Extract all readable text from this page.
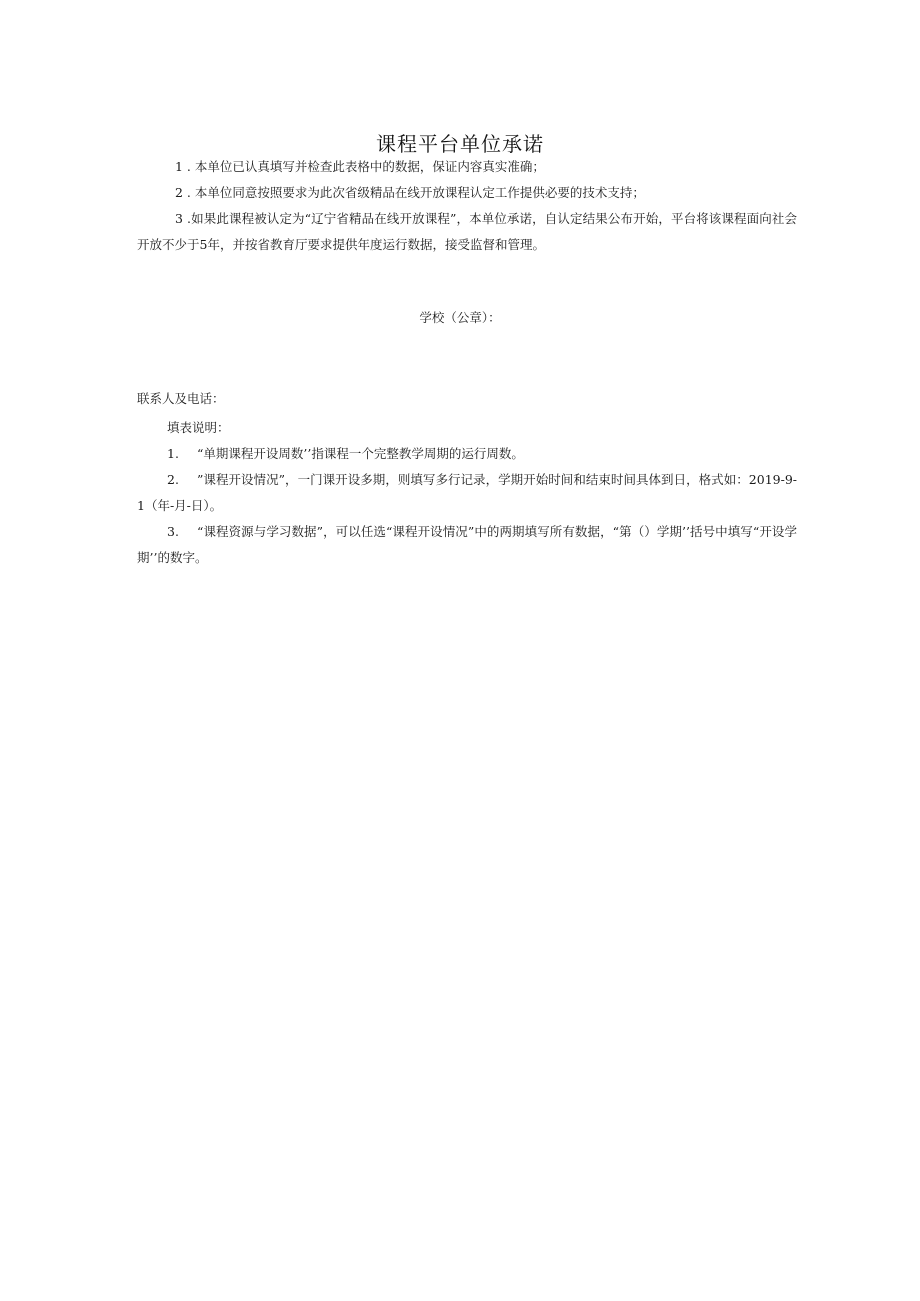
课程平台单位承诺

1 . 本单位已认真填写并检查此表格中的数据，保证内容真实准确；

2 . 本单位同意按照要求为此次省级精品在线开放课程认定工作提供必要的技术支持；

3 .如果此课程被认定为“辽宁省精品在线开放课程”，本单位承诺，自认定结果公布开始，平台将该课程面向社会开放不少于5年，并按省教育厅要求提供年度运行数据，接受监督和管理。

学校（公章）：
联系人及电话：

填表说明：

1. “单期课程开设周数’’指课程一个完整教学周期的运行周数。

2. ”课程开设情况”，一门课开设多期，则填写多行记录，学期开始时间和结束时间具体到日，格式如：2019-9-1（年-月-日）。

3. “课程资源与学习数据”，可以任选“课程开设情况”中的两期填写所有数据，“第（）学期’’括号中填写“开设学期’’的数字。
